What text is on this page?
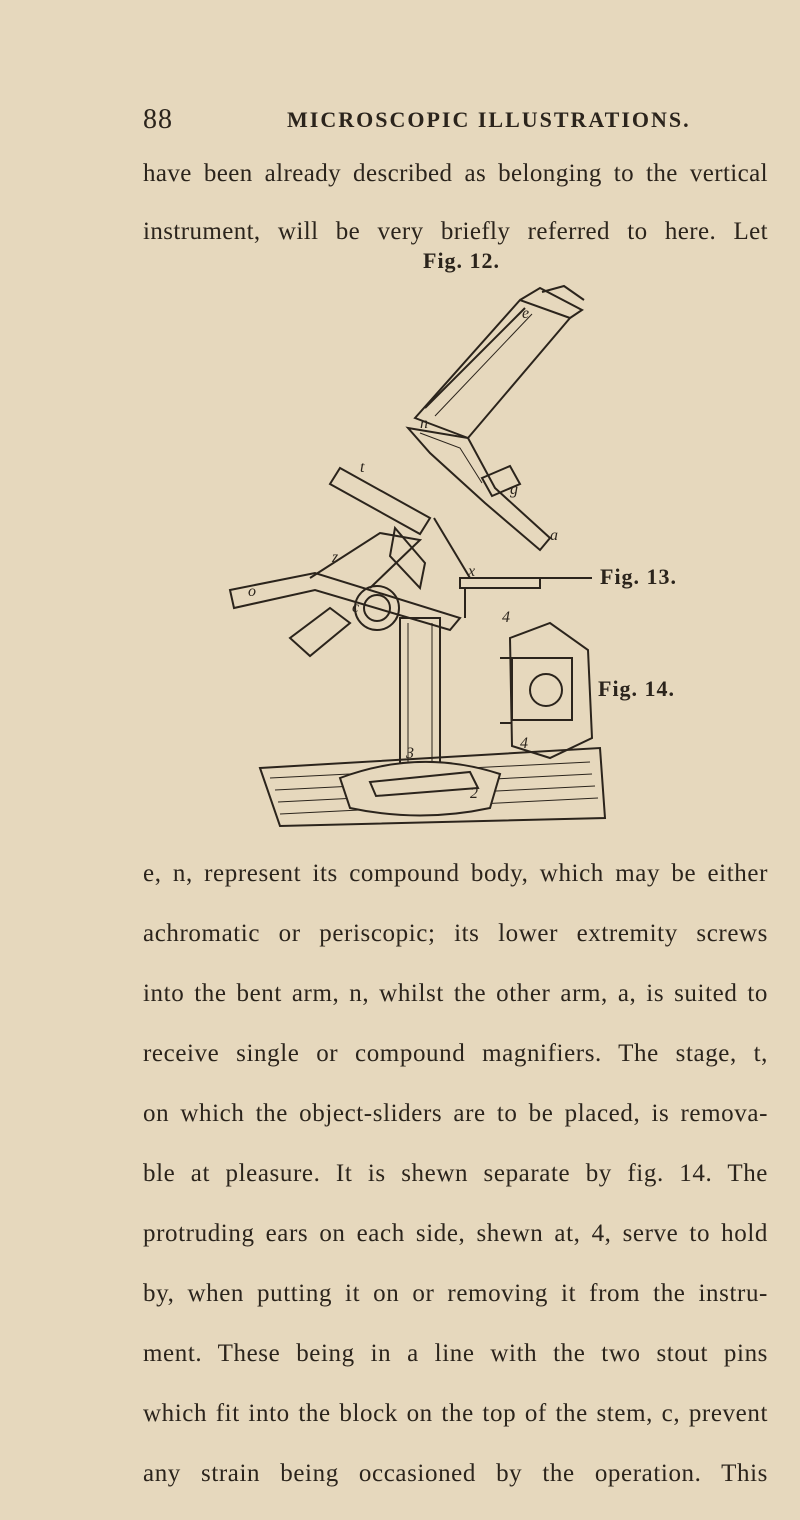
88	MICROSCOPIC ILLUSTRATIONS.
have been already described as belonging to the vertical
instrument, will be very briefly referred to here. Let
Fig. 12.
Fig. 13.
Fig. 14.
e
n
t
g
a
z
x
o
c
4
4
3
2
e, n, represent its compound body, which may be either
achromatic or periscopic; its lower extremity screws
into the bent arm, n, whilst the other arm, a, is suited to
receive single or compound magnifiers. The stage, t,
on which the object-sliders are to be placed, is remova-
ble at pleasure. It is shewn separate by fig. 14. The
protruding ears on each side, shewn at, 4, serve to hold
by, when putting it on or removing it from the instru-
ment. These being in a line with the two stout pins
which fit into the block on the top of the stem, c, prevent
any strain being occasioned by the operation. This
